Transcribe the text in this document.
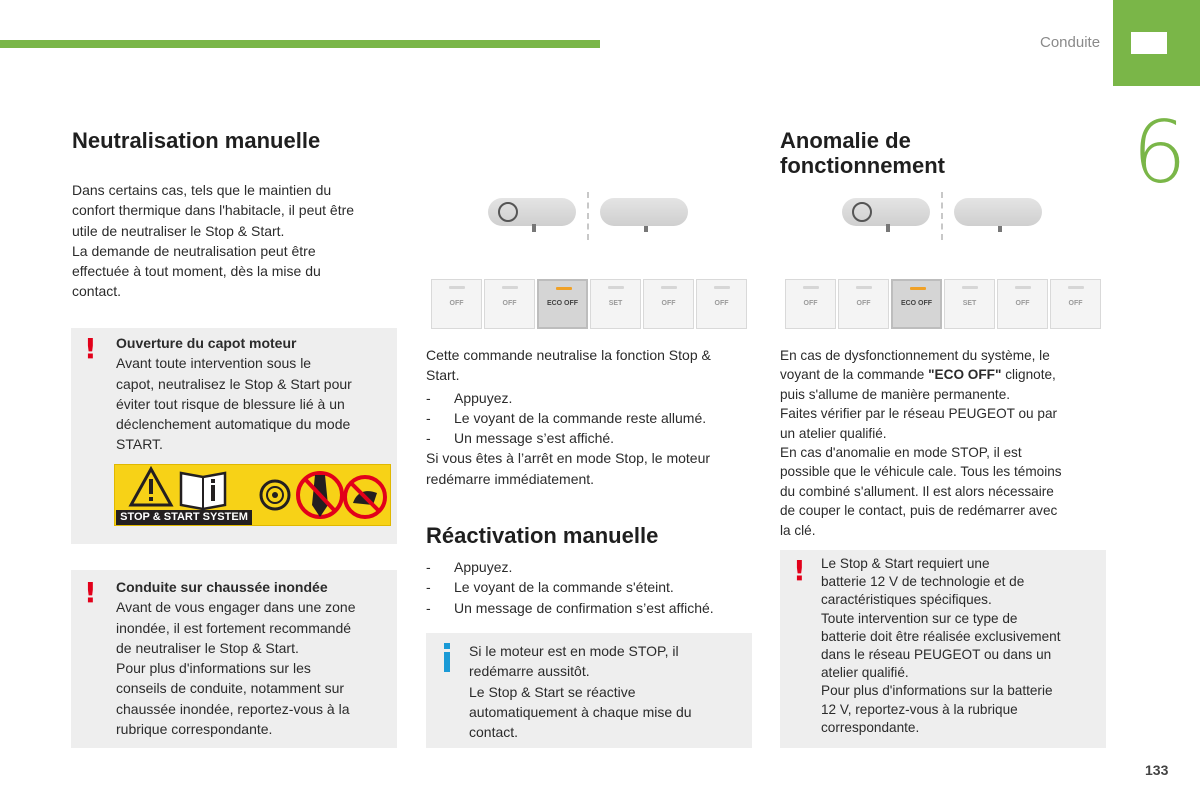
Conduite
6
133
Neutralisation manuelle

Dans certains cas, tels que le maintien du

confort thermique dans l'habitacle, il peut être

utile de neutraliser le Stop & Start.

La demande de neutralisation peut être

effectuée à tout moment, dès la mise du

contact.

! Ouverture du capot moteur

Avant toute intervention sous le

capot, neutralisez le Stop & Start pour

éviter tout risque de blessure lié à un

déclenchement automatique du mode

START.

STOP & START SYSTEM
! Conduite sur chaussée inondée

Avant de vous engager dans une zone

inondée, il est fortement recommandé

de neutraliser le Stop & Start.

Pour plus d'informations sur les

conseils de conduite, notamment sur

chaussée inondée, reportez-vous à la

rubrique correspondante.

OFF	OFF	ECO OFF	SET	OFF	OFF

Cette commande neutralise la fonction Stop &

Start.

- Appuyez.
- Le voyant de la commande reste allumé.
- Un message s’est affiché.

Si vous êtes à l’arrêt en mode Stop, le moteur

redémarre immédiatement.

Réactivation manuelle
- Appuyez.
- Le voyant de la commande s'éteint.
- Un message de confirmation s’est affiché.

Si le moteur est en mode STOP, il

redémarre aussitôt.

Le Stop & Start se réactive

automatiquement à chaque mise du

contact.

Anomalie de
fonctionnement
OFF	OFF	ECO OFF	SET	OFF	OFF

En cas de dysfonctionnement du système, le

voyant de la commande "ECO OFF" clignote,

puis s'allume de manière permanente.

Faites vérifier par le réseau PEUGEOT ou par

un atelier qualifié.

En cas d'anomalie en mode STOP, il est

possible que le véhicule cale. Tous les témoins

du combiné s'allument. Il est alors nécessaire

de couper le contact, puis de redémarrer avec

la clé.

! Le Stop & Start requiert une

batterie 12 V de technologie et de

caractéristiques spécifiques.

Toute intervention sur ce type de

batterie doit être réalisée exclusivement

dans le réseau PEUGEOT ou dans un

atelier qualifié.

Pour plus d'informations sur la batterie

12 V, reportez-vous à la rubrique

correspondante.
